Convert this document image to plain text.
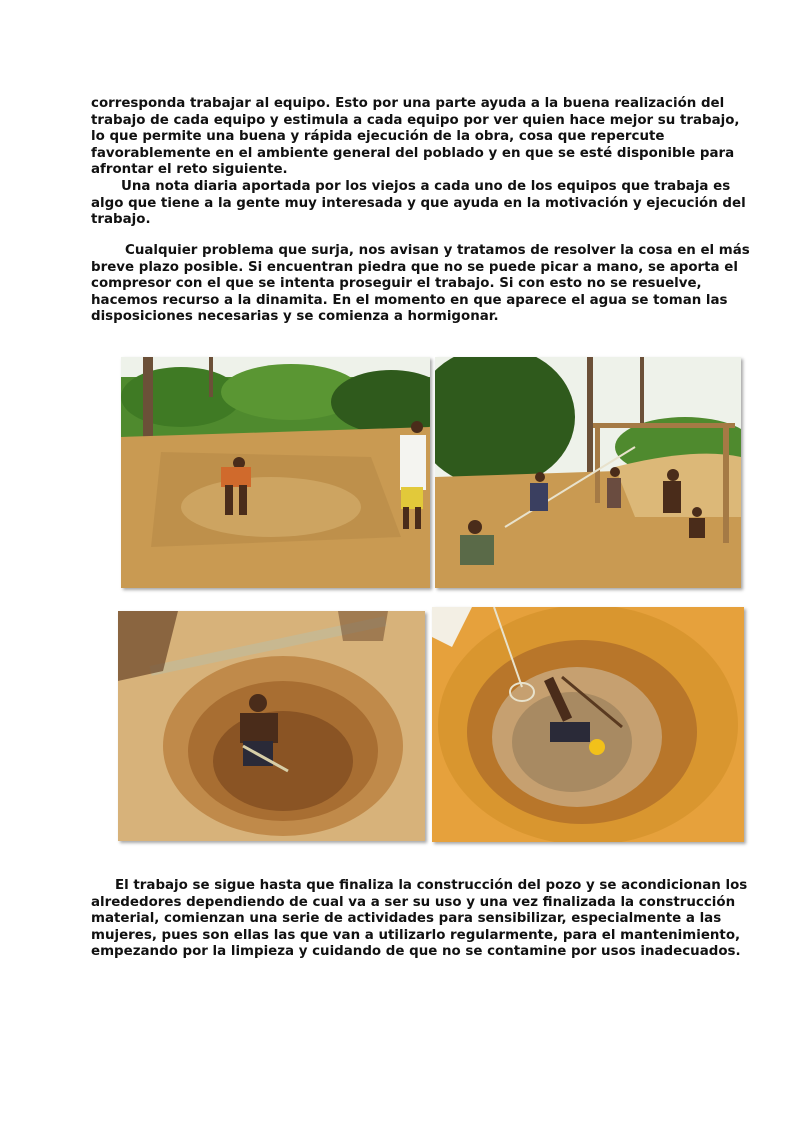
corresponda trabajar al equipo. Esto por una parte ayuda a la buena realización del trabajo de cada equipo y estimula a cada equipo por ver quien hace mejor su trabajo, lo que permite una buena y rápida ejecución de la obra, cosa que repercute favorablemente en el ambiente general del poblado y en que se esté disponible para afrontar el reto siguiente.

Una nota diaria aportada por los viejos a cada uno de los equipos que trabaja es algo que tiene a la gente muy interesada y que ayuda en la motivación y ejecución del trabajo.

Cualquier problema que surja, nos avisan y tratamos de resolver la cosa en el más breve plazo posible. Si encuentran piedra que no se puede picar a mano, se aporta el compresor con el que se intenta proseguir el trabajo. Si con esto no se resuelve, hacemos recurso a la dinamita. En el momento en que aparece el agua se toman las disposiciones necesarias y se comienza a hormigonar.

El trabajo se sigue hasta que finaliza la construcción del pozo y se acondicionan los alrededores dependiendo de cual va a ser su uso y una vez finalizada la construcción material, comienzan una serie de actividades para sensibilizar, especialmente a las mujeres, pues son ellas las que van a utilizarlo regularmente, para el mantenimiento, empezando por la limpieza y cuidando de que no se contamine por usos inadecuados.
